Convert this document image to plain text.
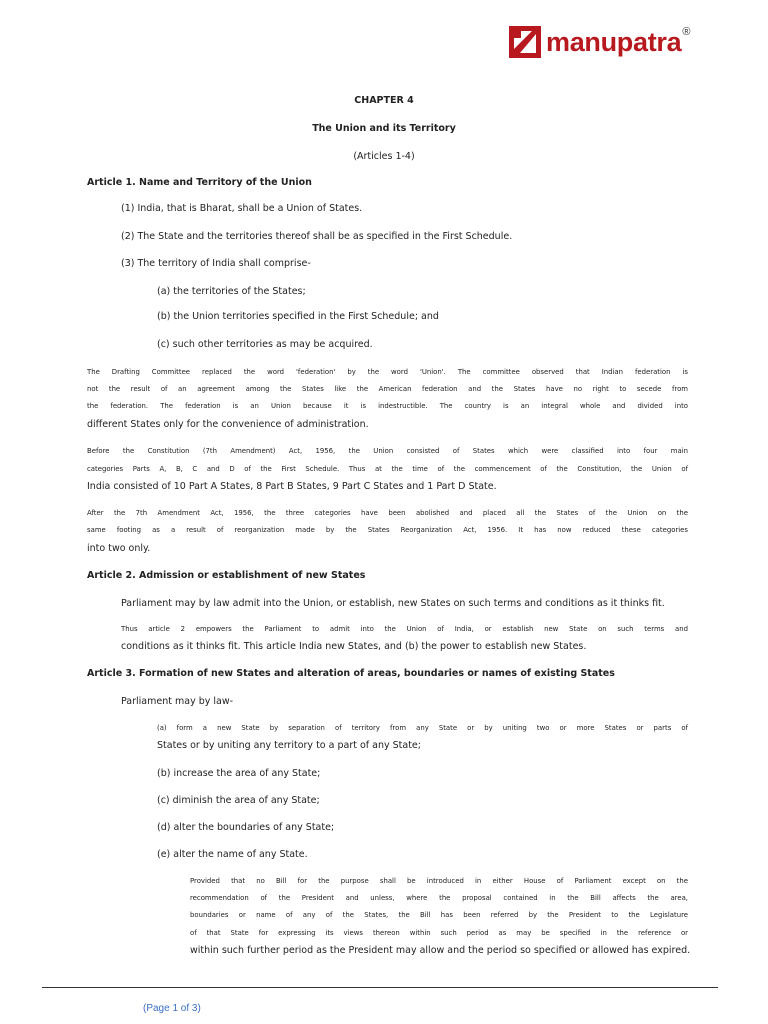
manupatra ®
CHAPTER 4
The Union and its Territory
(Articles 1-4)
Article 1. Name and Territory of the Union
(1) India, that is Bharat, shall be a Union of States.
(2) The State and the territories thereof shall be as specified in the First Schedule.
(3) The territory of India shall comprise-
(a) the territories of the States;
(b) the Union territories specified in the First Schedule; and
(c) such other territories as may be acquired.
The Drafting Committee replaced the word 'federation' by the word 'Union'. The committee observed that Indian federation is
not the result of an agreement among the States like the American federation and the States have no right to secede from
the federation. The federation is an Union because it is indestructible. The country is an integral whole and divided into
different States only for the convenience of administration.
Before the Constitution (7th Amendment) Act, 1956, the Union consisted of States which were classified into four main
categories Parts A, B, C and D of the First Schedule. Thus at the time of the commencement of the Constitution, the Union of
India consisted of 10 Part A States, 8 Part B States, 9 Part C States and 1 Part D State.
After the 7th Amendment Act, 1956, the three categories have been abolished and placed all the States of the Union on the
same footing as a result of reorganization made by the States Reorganization Act, 1956. It has now reduced these categories
into two only.
Article 2. Admission or establishment of new States
Parliament may by law admit into the Union, or establish, new States on such terms and conditions as it thinks fit.
Thus article 2 empowers the Parliament to admit into the Union of India, or establish new State on such terms and
conditions as it thinks fit. This article India new States, and (b) the power to establish new States.
Article 3. Formation of new States and alteration of areas, boundaries or names of existing States
Parliament may by law-
(a) form a new State by separation of territory from any State or by uniting two or more States or parts of
States or by uniting any territory to a part of any State;
(b) increase the area of any State;
(c) diminish the area of any State;
(d) alter the boundaries of any State;
(e) alter the name of any State.
Provided that no Bill for the purpose shall be introduced in either House of Parliament except on the
recommendation of the President and unless, where the proposal contained in the Bill affects the area,
boundaries or name of any of the States, the Bill has been referred by the President to the Legislature
of that State for expressing its views thereon within such period as may be specified in the reference or
within such further period as the President may allow and the period so specified or allowed has expired.
(Page 1 of 3)
